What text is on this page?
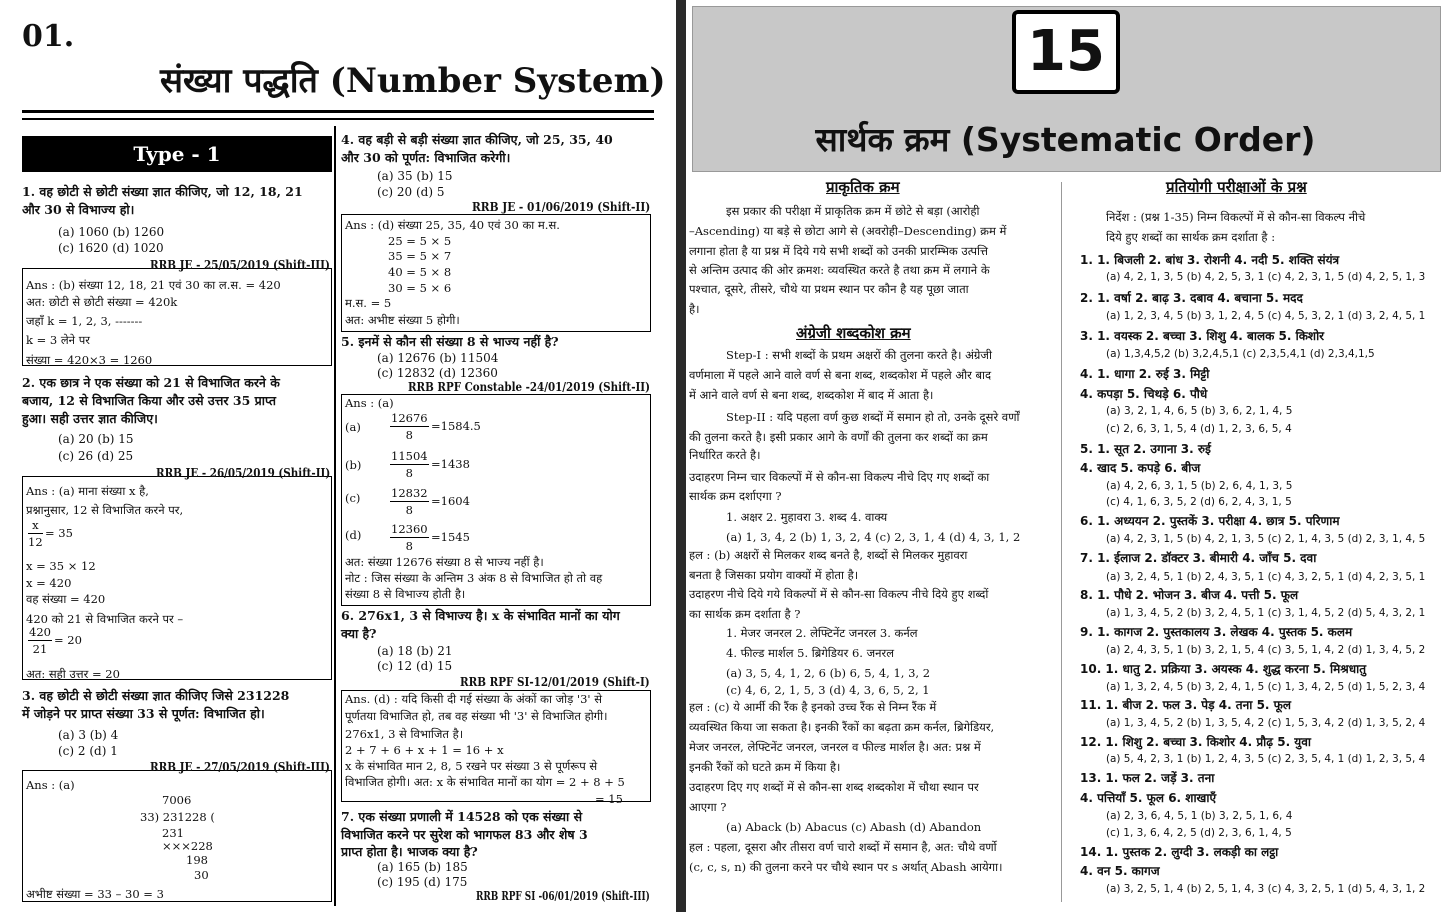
01.
संख्या पद्धति (Number System)
Type - 1
1. वह छोटी से छोटी संख्या ज्ञात कीजिए, जो 12, 18, 21
और 30 से विभाज्य हो।
(a) 1060 (b) 1260
(c) 1620 (d) 1020
RRB JE - 25/05/2019 (Shift-III)
Ans : (b) संख्या 12, 18, 21 एवं 30 का ल.स. = 420
अत: छोटी से छोटी संख्या = 420k
जहाँ k = 1, 2, 3, -------
k = 3 लेने पर
संख्या = 420×3 = 1260
2. एक छात्र ने एक संख्या को 21 से विभाजित करने के
बजाय, 12 से विभाजित किया और उसे उत्तर 35 प्राप्त
हुआ। सही उत्तर ज्ञात कीजिए।
(a) 20 (b) 15
(c) 26 (d) 25
RRB JE - 26/05/2019 (Shift-II)
Ans : (a) माना संख्या x है,
प्रश्नानुसार, 12 से विभाजित करने पर,
x = 35 × 12
x = 420
वह संख्या = 420
420 को 21 से विभाजित करने पर –
अत: सही उत्तर = 20
3. वह छोटी से छोटी संख्या ज्ञात कीजिए जिसे 231228
में जोड़ने पर प्राप्त संख्या 33 से पूर्णत: विभाजित हो।
(a) 3 (b) 4
(c) 2 (d) 1
RRB JE - 27/05/2019 (Shift-III)
Ans : (a)
7006
33) 231228 (
231
×××228
198
30
अभीष्ट संख्या = 33 – 30 = 3
4. वह बड़ी से बड़ी संख्या ज्ञात कीजिए, जो 25, 35, 40
और 30 को पूर्णत: विभाजित करेगी।
(a) 35 (b) 15
(c) 20 (d) 5
RRB JE - 01/06/2019 (Shift-II)
Ans : (d) संख्या 25, 35, 40 एवं 30 का म.स.
25 = 5 × 5
35 = 5 × 7
40 = 5 × 8
30 = 5 × 6
म.स. = 5
अत: अभीष्ट संख्या 5 होगी।
5. इनमें से कौन सी संख्या 8 से भाज्य नहीं है?
(a) 12676 (b) 11504
(c) 12832 (d) 12360
RRB RPF Constable -24/01/2019 (Shift-II)
Ans : (a)
(a)
(b)
(c)
(d)
अत: संख्या 12676 संख्या 8 से भाज्य नहीं है।
नोट : जिस संख्या के अन्तिम 3 अंक 8 से विभाजित हो तो वह
संख्या 8 से विभाज्य होती है।
6. 276x1, 3 से विभाज्य है। x के संभावित मानों का योग
क्या है?
(a) 18 (b) 21
(c) 12 (d) 15
RRB RPF SI-12/01/2019 (Shift-I)
Ans. (d) : यदि किसी दी गई संख्या के अंकों का जोड़ '3' से
पूर्णतया विभाजित हो, तब वह संख्या भी '3' से विभाजित होगी।
276x1, 3 से विभाजित है।
2 + 7 + 6 + x + 1 = 16 + x
x के संभावित मान 2, 8, 5 रखने पर संख्या 3 से पूर्णरूप से
विभाजित होगी। अत: x के संभावित मानों का योग = 2 + 8 + 5
= 15
7. एक संख्या प्रणाली में 14528 को एक संख्या से
विभाजित करने पर सुरेश को भागफल 83 और शेष 3
प्राप्त होता है। भाजक क्या है?
(a) 165 (b) 185
(c) 195 (d) 175
RRB RPF SI -06/01/2019 (Shift-III)
$\frac{x}{12} = 35$
$\frac{420}{21} = 20$
$\frac{12676}{8} =1584.5$
$\frac{11504}{8} =1438$
$\frac{12832}{8} =1604$
$\frac{12360}{8} =1545$
15
सार्थक क्रम (Systematic Order)
प्राकृतिक क्रम
इस प्रकार की परीक्षा में प्राकृतिक क्रम में छोटे से बड़ा (आरोही
–Ascending) या बड़े से छोटा आगे से (अवरोही–Descending) क्रम में
लगाना होता है या प्रश्न में दिये गये सभी शब्दों को उनकी प्रारम्भिक उत्पत्ति
से अन्तिम उत्पाद की ओर क्रमश: व्यवस्थित करते है तथा क्रम में लगाने के
पश्चात, दूसरे, तीसरे, चौथे या प्रथम स्थान पर कौन है यह पूछा जाता
है।
अंग्रेजी शब्दकोश क्रम
Step-I : सभी शब्दों के प्रथम अक्षरों की तुलना करते है। अंग्रेजी
वर्णमाला में पहले आने वाले वर्ण से बना शब्द, शब्दकोश में पहले और बाद
में आने वाले वर्ण से बना शब्द, शब्दकोश में बाद में आता है।
Step-II : यदि पहला वर्ण कुछ शब्दों में समान हो तो, उनके दूसरे वर्णों
की तुलना करते है। इसी प्रकार आगे के वर्णों की तुलना कर शब्दों का क्रम
निर्धारित करते है।
उदाहरण निम्न चार विकल्पों में से कौन-सा विकल्प नीचे दिए गए शब्दों का
सार्थक क्रम दर्शाएगा ?
1. अक्षर 2. मुहावरा 3. शब्द 4. वाक्य
(a) 1, 3, 4, 2 (b) 1, 3, 2, 4 (c) 2, 3, 1, 4 (d) 4, 3, 1, 2
हल : (b) अक्षरों से मिलकर शब्द बनते है, शब्दों से मिलकर मुहावरा
बनता है जिसका प्रयोग वाक्यों में होता है।
उदाहरण नीचे दिये गये विकल्पों में से कौन-सा विकल्प नीचे दिये हुए शब्दों
का सार्थक क्रम दर्शाता है ?
1. मेजर जनरल 2. लेफ्टिनेंट जनरल 3. कर्नल
4. फील्ड मार्शल 5. ब्रिगेडियर 6. जनरल
(a) 3, 5, 4, 1, 2, 6 (b) 6, 5, 4, 1, 3, 2
(c) 4, 6, 2, 1, 5, 3 (d) 4, 3, 6, 5, 2, 1
हल : (c) ये आर्मी की रैंक है इनको उच्च रैंक से निम्न रैंक में
व्यवस्थित किया जा सकता है। इनकी रैंकों का बढ़ता क्रम कर्नल, ब्रिगेडियर,
मेजर जनरल, लेफ्टिनेंट जनरल, जनरल व फील्ड मार्शल है। अत: प्रश्न में
इनकी रैंकों को घटते क्रम में किया है।
उदाहरण दिए गए शब्दों में से कौन-सा शब्द शब्दकोश में चौथा स्थान पर
आएगा ?
(a) Aback (b) Abacus (c) Abash (d) Abandon
हल : पहला, दूसरा और तीसरा वर्ण चारो शब्दों में समान है, अत: चौथे वर्णो
(c, c, s, n) की तुलना करने पर चौथे स्थान पर s अर्थात् Abash आयेगा।
प्रतियोगी परीक्षाओं के प्रश्न
निर्देश : (प्रश्न 1-35) निम्न विकल्पों में से कौन-सा विकल्प नीचे
दिये हुए शब्दों का सार्थक क्रम दर्शाता है :
1. 1. बिजली 2. बांध 3. रोशनी 4. नदी 5. शक्ति संयंत्र
(a) 4, 2, 1, 3, 5 (b) 4, 2, 5, 3, 1 (c) 4, 2, 3, 1, 5 (d) 4, 2, 5, 1, 3
2. 1. वर्षा 2. बाढ़ 3. दबाव 4. बचाना 5. मदद
(a) 1, 2, 3, 4, 5 (b) 3, 1, 2, 4, 5 (c) 4, 5, 3, 2, 1 (d) 3, 2, 4, 5, 1
3. 1. वयस्क 2. बच्चा 3. शिशु 4. बालक 5. किशोर
(a) 1,3,4,5,2 (b) 3,2,4,5,1 (c) 2,3,5,4,1 (d) 2,3,4,1,5
4. 1. धागा 2. रुई 3. मिट्टी
4. कपड़ा 5. चिथड़े 6. पौधे
(a) 3, 2, 1, 4, 6, 5 (b) 3, 6, 2, 1, 4, 5
(c) 2, 6, 3, 1, 5, 4 (d) 1, 2, 3, 6, 5, 4
5. 1. सूत 2. उगाना 3. रुई
4. खाद 5. कपड़े 6. बीज
(a) 4, 2, 6, 3, 1, 5 (b) 2, 6, 4, 1, 3, 5
(c) 4, 1, 6, 3, 5, 2 (d) 6, 2, 4, 3, 1, 5
6. 1. अध्ययन 2. पुस्तकें 3. परीक्षा 4. छात्र 5. परिणाम
(a) 4, 2, 3, 1, 5 (b) 4, 2, 1, 3, 5 (c) 2, 1, 4, 3, 5 (d) 2, 3, 1, 4, 5
7. 1. ईलाज 2. डॉक्टर 3. बीमारी 4. जाँच 5. दवा
(a) 3, 2, 4, 5, 1 (b) 2, 4, 3, 5, 1 (c) 4, 3, 2, 5, 1 (d) 4, 2, 3, 5, 1
8. 1. पौधे 2. भोजन 3. बीज 4. पत्ती 5. फूल
(a) 1, 3, 4, 5, 2 (b) 3, 2, 4, 5, 1 (c) 3, 1, 4, 5, 2 (d) 5, 4, 3, 2, 1
9. 1. कागज 2. पुस्तकालय 3. लेखक 4. पुस्तक 5. कलम
(a) 2, 4, 3, 5, 1 (b) 3, 2, 1, 5, 4 (c) 3, 5, 1, 4, 2 (d) 1, 3, 4, 5, 2
10. 1. धातु 2. प्रक्रिया 3. अयस्क 4. शुद्ध करना 5. मिश्रधातु
(a) 1, 3, 2, 4, 5 (b) 3, 2, 4, 1, 5 (c) 1, 3, 4, 2, 5 (d) 1, 5, 2, 3, 4
11. 1. बीज 2. फल 3. पेड़ 4. तना 5. फूल
(a) 1, 3, 4, 5, 2 (b) 1, 3, 5, 4, 2 (c) 1, 5, 3, 4, 2 (d) 1, 3, 5, 2, 4
12. 1. शिशु 2. बच्चा 3. किशोर 4. प्रौढ़ 5. युवा
(a) 5, 4, 2, 3, 1 (b) 1, 2, 4, 3, 5 (c) 2, 3, 5, 4, 1 (d) 1, 2, 3, 5, 4
13. 1. फल 2. जड़ें 3. तना
4. पत्तियाँ 5. फूल 6. शाखाएँ
(a) 2, 3, 6, 4, 5, 1 (b) 3, 2, 5, 1, 6, 4
(c) 1, 3, 6, 4, 2, 5 (d) 2, 3, 6, 1, 4, 5
14. 1. पुस्तक 2. लुग्दी 3. लकड़ी का लट्ठा
4. वन 5. कागज
(a) 3, 2, 5, 1, 4 (b) 2, 5, 1, 4, 3 (c) 4, 3, 2, 5, 1 (d) 5, 4, 3, 1, 2
